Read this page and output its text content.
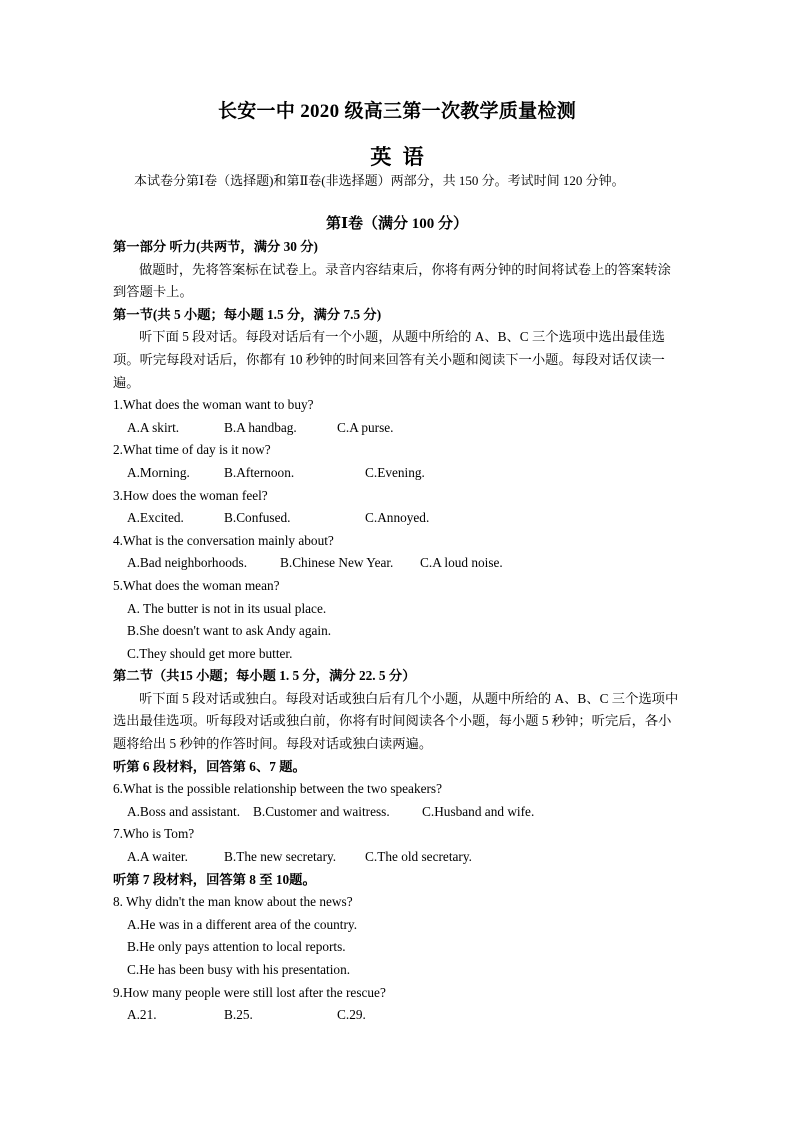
长安一中 2020 级高三第一次教学质量检测
英 语
本试卷分第Ⅰ卷（选择题)和第Ⅱ卷(非选择题）两部分，共 150 分。考试时间 120 分钟。
第Ⅰ卷（满分 100 分）
第一部分 听力(共两节，满分 30 分)
做题时，先将答案标在试卷上。录音内容结束后，你将有两分钟的时间将试卷上的答案转涂到答题卡上。
第一节(共 5 小题；每小题 1.5 分，满分 7.5 分)
听下面 5 段对话。每段对话后有一个小题，从题中所给的 A、B、C 三个选项中选出最佳选项。听完每段对话后，你都有 10 秒钟的时间来回答有关小题和阅读下一小题。每段对话仅读一遍。
1.What does the woman want to buy?
A.A skirt.	B.A handbag.	C.A purse.
2.What time of day is it now?
A.Morning.	B.Afternoon.	C.Evening.
3.How does the woman feel?
A.Excited.	B.Confused.	C.Annoyed.
4.What is the conversation mainly about?
A.Bad neighborhoods. B.Chinese New Year. C.A loud noise.
5.What does the woman mean?
A. The butter is not in its usual place.
B.She doesn't want to ask Andy again.
C.They should get more butter.
第二节（共15 小题；每小题 1. 5 分，满分 22. 5 分）
听下面 5 段对话或独白。每段对话或独白后有几个小题，从题中所给的 A、B、C 三个选项中选出最佳选项。听每段对话或独白前，你将有时间阅读各个小题，每小题 5 秒钟；听完后，各小题将给出 5 秒钟的作答时间。每段对话或独白读两遍。
听第 6 段材料，回答第 6、7 题。
6.What is the possible relationship between the two speakers?
A.Boss and assistant. B.Customer and waitress. C.Husband and wife.
7.Who is Tom?
A.A waiter.	B.The new secretary. C.The old secretary.
听第 7 段材料，回答第 8 至 10题。
8. Why didn't the man know about the news?
A.He was in a different area of the country.
B.He only pays attention to local reports.
C.He has been busy with his presentation.
9.How many people were still lost after the rescue?
A.21.	B.25.	C.29.
